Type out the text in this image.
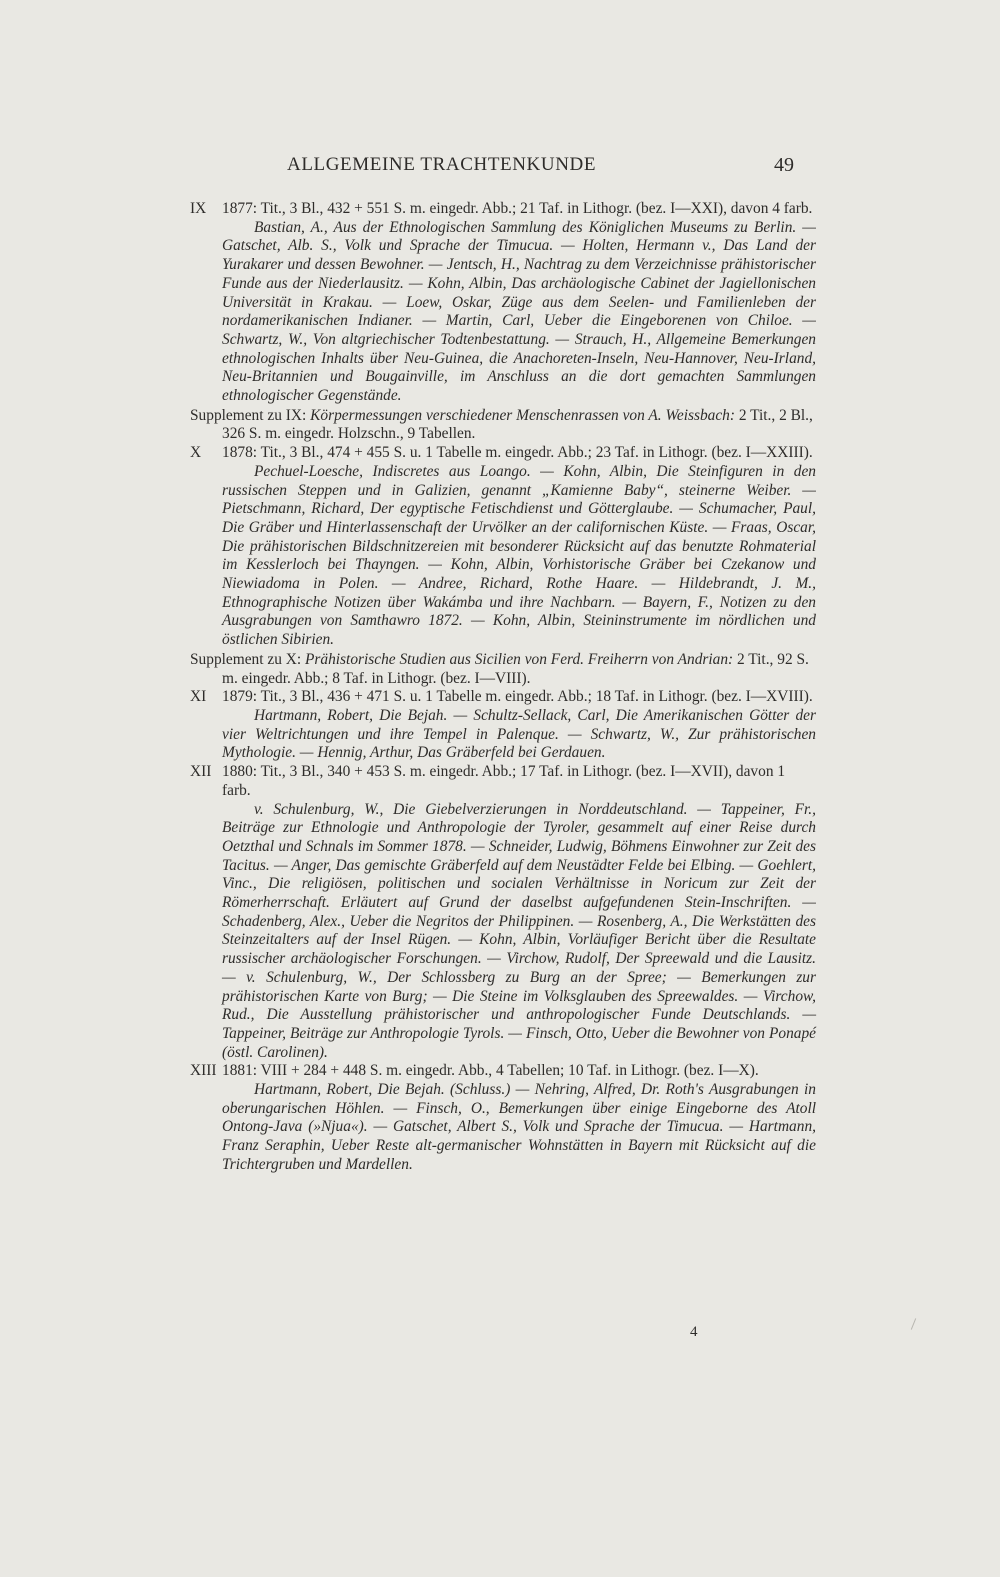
ALLGEMEINE TRACHTENKUNDE	49

IX 1877: Tit., 3 Bl., 432 + 551 S. m. eingedr. Abb.; 21 Taf. in Lithogr. (bez. I—XXI), davon 4 farb.

Bastian, A., Aus der Ethnologischen Sammlung des Königlichen Museums zu Berlin. — Gatschet, Alb. S., Volk und Sprache der Timucua. — Holten, Hermann v., Das Land der Yurakarer und dessen Bewohner. — Jentsch, H., Nachtrag zu dem Verzeichnisse prähistorischer Funde aus der Niederlausitz. — Kohn, Albin, Das archäologische Cabinet der Jagiellonischen Universität in Krakau. — Loew, Oskar, Züge aus dem Seelen- und Familienleben der nordamerikanischen Indianer. — Martin, Carl, Ueber die Eingeborenen von Chiloe. — Schwartz, W., Von altgriechischer Todtenbestattung. — Strauch, H., Allgemeine Bemerkungen ethnologischen Inhalts über Neu-Guinea, die Anachoreten-Inseln, Neu-Hannover, Neu-Irland, Neu-Britannien und Bougainville, im Anschluss an die dort gemachten Sammlungen ethnologischer Gegenstände.

Supplement zu IX: Körpermessungen verschiedener Menschenrassen von A. Weissbach: 2 Tit., 2 Bl., 326 S. m. eingedr. Holzschn., 9 Tabellen.

X 1878: Tit., 3 Bl., 474 + 455 S. u. 1 Tabelle m. eingedr. Abb.; 23 Taf. in Lithogr. (bez. I—XXIII).

Pechuel-Loesche, Indiscretes aus Loango. — Kohn, Albin, Die Steinfiguren in den russischen Steppen und in Galizien, genannt „Kamienne Baby“, steinerne Weiber. — Pietschmann, Richard, Der egyptische Fetischdienst und Götterglaube. — Schumacher, Paul, Die Gräber und Hinterlassenschaft der Urvölker an der californischen Küste. — Fraas, Oscar, Die prähistorischen Bildschnitzereien mit besonderer Rücksicht auf das benutzte Rohmaterial im Kesslerloch bei Thayngen. — Kohn, Albin, Vorhistorische Gräber bei Czekanow und Niewiadoma in Polen. — Andree, Richard, Rothe Haare. — Hildebrandt, J. M., Ethnographische Notizen über Wakámba und ihre Nachbarn. — Bayern, F., Notizen zu den Ausgrabungen von Samthawro 1872. — Kohn, Albin, Steininstrumente im nördlichen und östlichen Sibirien.

Supplement zu X: Prähistorische Studien aus Sicilien von Ferd. Freiherrn von Andrian: 2 Tit., 92 S. m. eingedr. Abb.; 8 Taf. in Lithogr. (bez. I—VIII).

XI 1879: Tit., 3 Bl., 436 + 471 S. u. 1 Tabelle m. eingedr. Abb.; 18 Taf. in Lithogr. (bez. I—XVIII).

Hartmann, Robert, Die Bejah. — Schultz-Sellack, Carl, Die Amerikanischen Götter der vier Weltrichtungen und ihre Tempel in Palenque. — Schwartz, W., Zur prähistorischen Mythologie. — Hennig, Arthur, Das Gräberfeld bei Gerdauen.

XII 1880: Tit., 3 Bl., 340 + 453 S. m. eingedr. Abb.; 17 Taf. in Lithogr. (bez. I—XVII), davon 1 farb.

v. Schulenburg, W., Die Giebelverzierungen in Norddeutschland. — Tappeiner, Fr., Beiträge zur Ethnologie und Anthropologie der Tyroler, gesammelt auf einer Reise durch Oetzthal und Schnals im Sommer 1878. — Schneider, Ludwig, Böhmens Einwohner zur Zeit des Tacitus. — Anger, Das gemischte Gräberfeld auf dem Neustädter Felde bei Elbing. — Goehlert, Vinc., Die religiösen, politischen und socialen Verhältnisse in Noricum zur Zeit der Römerherrschaft. Erläutert auf Grund der daselbst aufgefundenen Stein-Inschriften. — Schadenberg, Alex., Ueber die Negritos der Philippinen. — Rosenberg, A., Die Werkstätten des Steinzeitalters auf der Insel Rügen. — Kohn, Albin, Vorläufiger Bericht über die Resultate russischer archäologischer Forschungen. — Virchow, Rudolf, Der Spreewald und die Lausitz. — v. Schulenburg, W., Der Schlossberg zu Burg an der Spree; — Bemerkungen zur prähistorischen Karte von Burg; — Die Steine im Volksglauben des Spreewaldes. — Virchow, Rud., Die Ausstellung prähistorischer und anthropologischer Funde Deutschlands. — Tappeiner, Beiträge zur Anthropologie Tyrols. — Finsch, Otto, Ueber die Bewohner von Ponapé (östl. Carolinen).

XIII 1881: VIII + 284 + 448 S. m. eingedr. Abb., 4 Tabellen; 10 Taf. in Lithogr. (bez. I—X).

Hartmann, Robert, Die Bejah. (Schluss.) — Nehring, Alfred, Dr. Roth's Ausgrabungen in oberungarischen Höhlen. — Finsch, O., Bemerkungen über einige Eingeborne des Atoll Ontong-Java (»Njua«). — Gatschet, Albert S., Volk und Sprache der Timucua. — Hartmann, Franz Seraphin, Ueber Reste alt-germanischer Wohnstätten in Bayern mit Rücksicht auf die Trichtergruben und Mardellen.

4
